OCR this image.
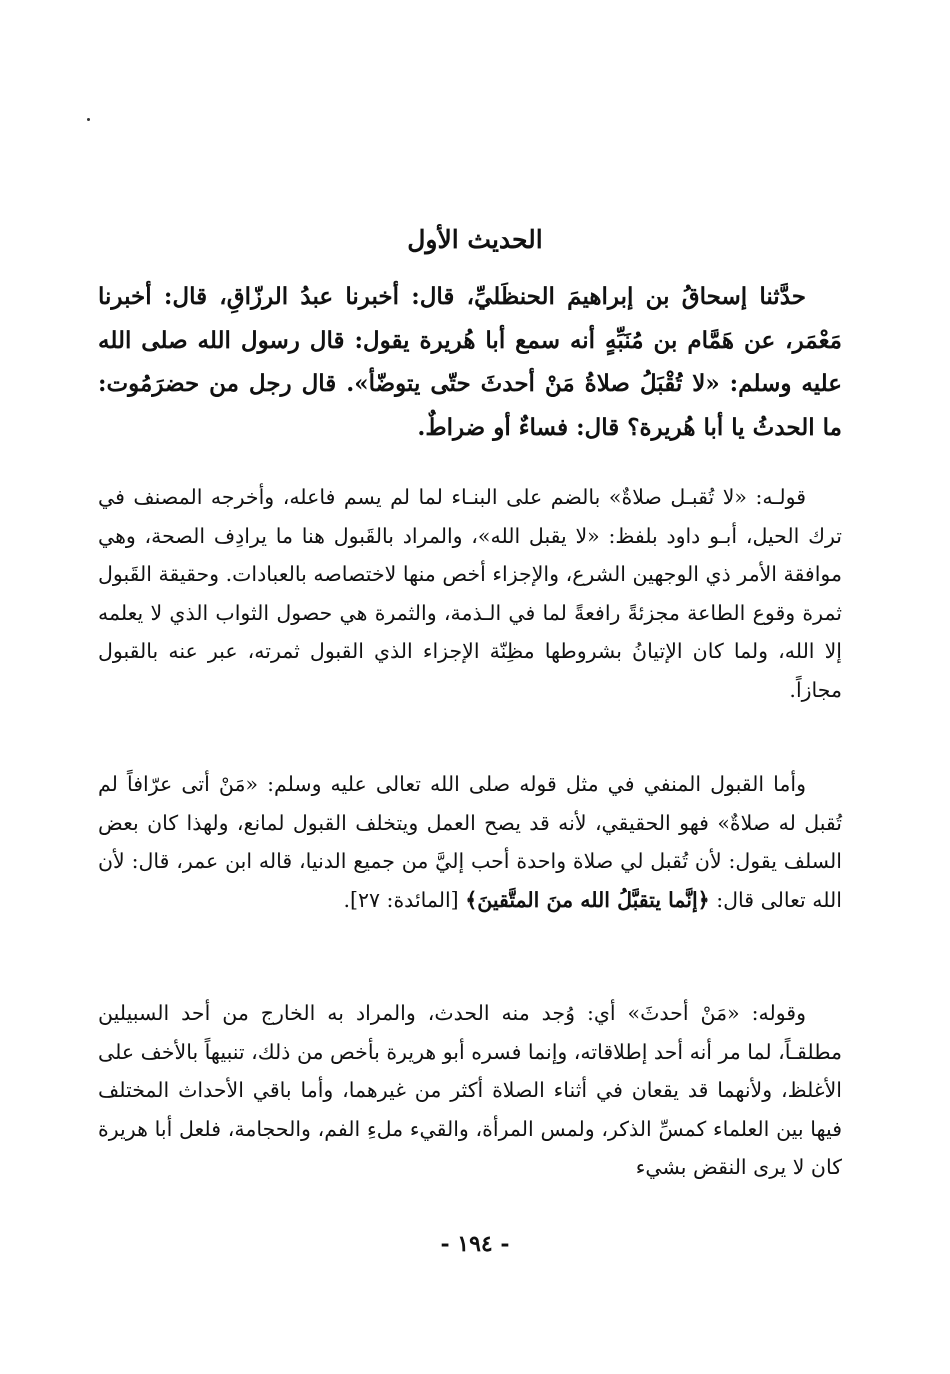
الحديث الأول

حدَّثنا إسحاقُ بن إبراهيمَ الحنظَليِّ، قال: أخبرنا عبدُ الرزّاقِ، قال: أخبرنا مَعْمَر، عن هَمَّام بن مُنَبِّهٍ أنه سمع أبا هُريرة يقول: قال رسول الله صلى الله عليه وسلم: «لا تُقْبَلُ صلاةُ مَنْ أحدثَ حتّى يتوضّأ». قال رجل من حضرَمُوت: ما الحدثُ يا أبا هُريرة؟ قال: فساءٌ أو ضراطٌ.

قولـه: «لا تُقبـل صلاةٌ» بالضم على البنـاء لما لم يسم فاعله، وأخرجه المصنف في ترك الحيل، أبـو داود بلفظ: «لا يقبل الله»، والمراد بالقَبول هنا ما يرادِف الصحة، وهي موافقة الأمر ذي الوجهين الشرع، والإجزاء أخص منها لاختصاصه بالعبادات. وحقيقة القَبول ثمرة وقوع الطاعة مجزئةً رافعةً لما في الـذمة، والثمرة هي حصول الثواب الذي لا يعلمه إلا الله، ولما كان الإتيانُ بشروطها مظِنّة الإجزاء الذي القبول ثمرته، عبر عنه بالقبول مجازاً.

وأما القبول المنفي في مثل قوله صلى الله تعالى عليه وسلم: «مَنْ أتى عرّافاً لم تُقبل له صلاةٌ» فهو الحقيقي، لأنه قد يصح العمل ويتخلف القبول لمانع، ولهذا كان بعض السلف يقول: لأن تُقبل لي صلاة واحدة أحب إليَّ من جميع الدنيا، قاله ابن عمر، قال: لأن الله تعالى قال: ﴿إنَّما يتقبَّلُ الله منَ المتَّقينَ﴾ [المائدة: ٢٧].

وقوله: «مَنْ أحدثَ» أي: وُجد منه الحدث، والمراد به الخارج من أحد السبيلين مطلقـاً، لما مر أنه أحد إطلاقاته، وإنما فسره أبو هريرة بأخص من ذلك، تنبيهاً بالأخف على الأغلظ، ولأنهما قد يقعان في أثناء الصلاة أكثر من غيرهما، وأما باقي الأحداث المختلف فيها بين العلماء كمسِّ الذكر، ولمس المرأة، والقيء ملءِ الفم، والحجامة، فلعل أبا هريرة كان لا يرى النقض بشيء

- ١٩٤ -
